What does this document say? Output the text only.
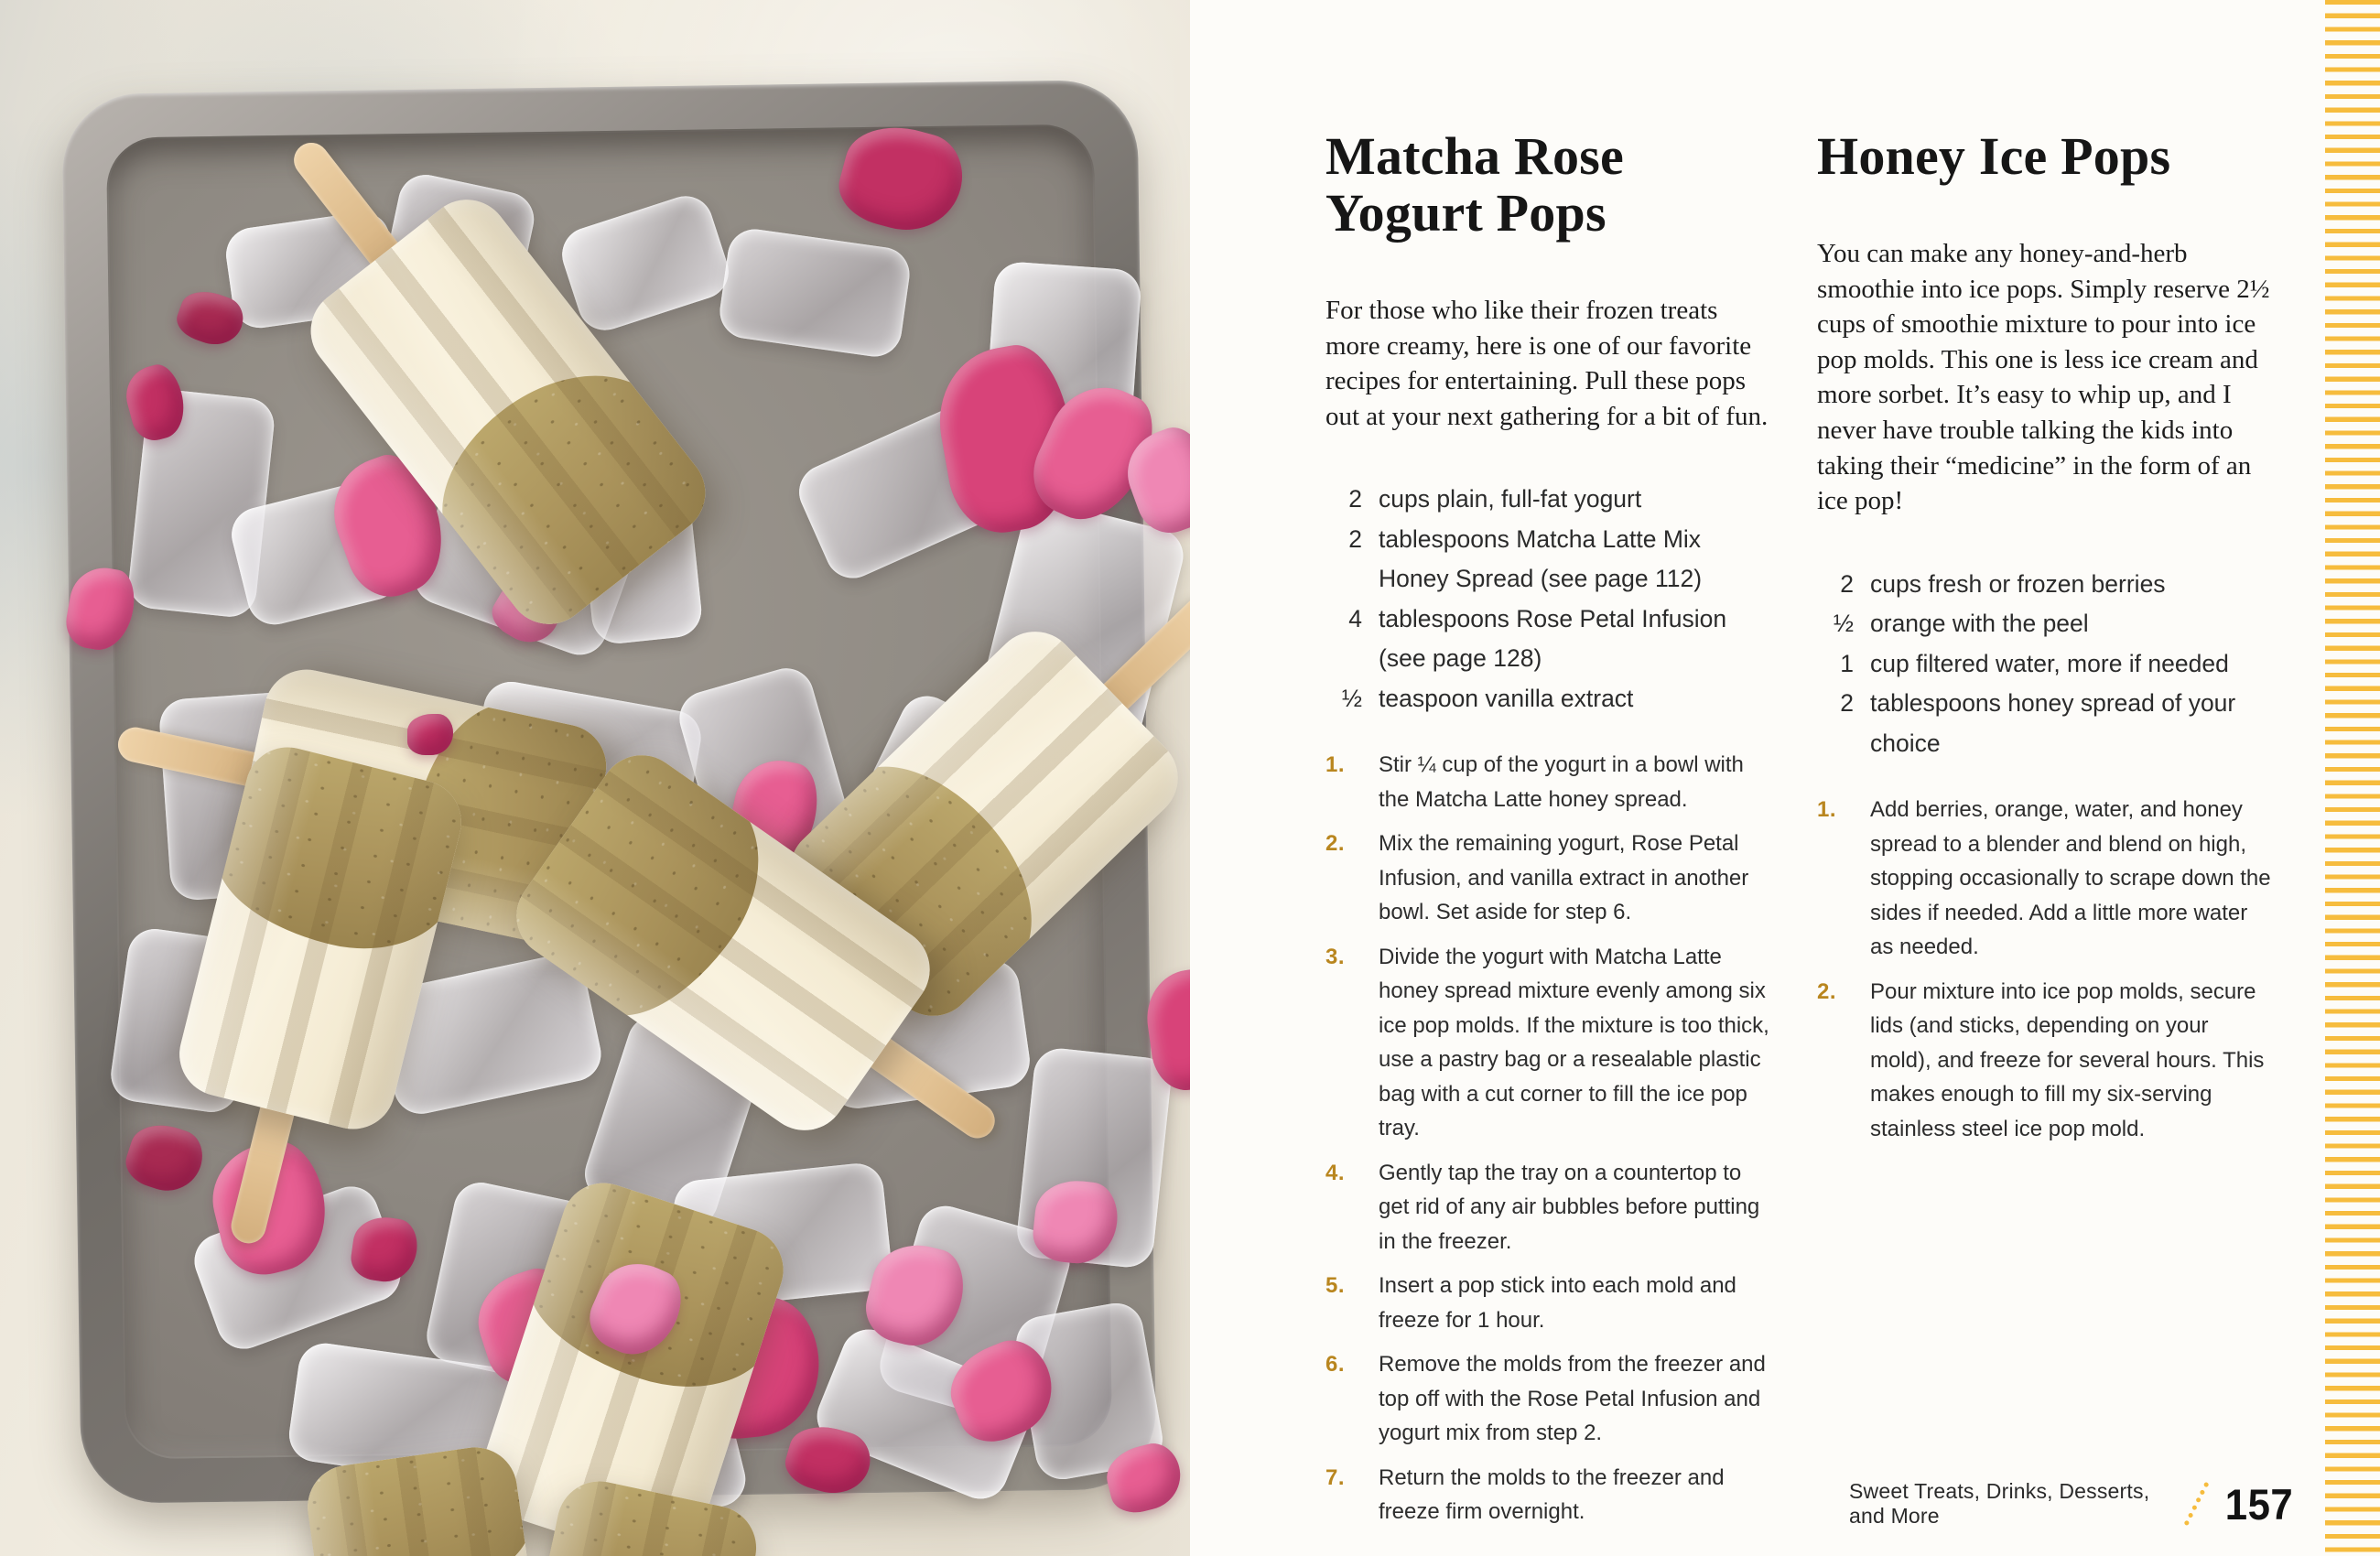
Matcha Rose Yogurt Pops

For those who like their frozen treats more creamy, here is one of our favorite recipes for entertaining. Pull these pops out at your next gathering for a bit of fun.

2 cups plain, full-fat yogurt
2 tablespoons Matcha Latte Mix Honey Spread (see page 112)
4 tablespoons Rose Petal Infusion (see page 128)
½ teaspoon vanilla extract
1.	Stir ¼ cup of the yogurt in a bowl with the Matcha Latte honey spread.
2.	Mix the remaining yogurt, Rose Petal Infusion, and vanilla extract in another bowl. Set aside for step 6.
3.	Divide the yogurt with Matcha Latte honey spread mixture evenly among six ice pop molds. If the mixture is too thick, use a pastry bag or a resealable plastic bag with a cut corner to fill the ice pop tray.
4.	Gently tap the tray on a countertop to get rid of any air bubbles before putting in the freezer.
5.	Insert a pop stick into each mold and freeze for 1 hour.
6.	Remove the molds from the freezer and top off with the Rose Petal Infusion and yogurt mix from step 2.
7.	Return the molds to the freezer and freeze firm overnight.
Honey Ice Pops

You can make any honey-and-herb smoothie into ice pops. Simply reserve 2½ cups of smoothie mixture to pour into ice pop molds. This one is less ice cream and more sorbet. It’s easy to whip up, and I never have trouble talking the kids into taking their “medicine” in the form of an ice pop!

2 cups fresh or frozen berries
½ orange with the peel
1 cup filtered water, more if needed
2 tablespoons honey spread of your choice
1.	Add berries, orange, water, and honey spread to a blender and blend on high, stopping occasionally to scrape down the sides if needed. Add a little more water as needed.
2.	Pour mixture into ice pop molds, secure lids (and sticks, depending on your mold), and freeze for several hours. This makes enough to fill my six-serving stainless steel ice pop mold.
Sweet Treats, Drinks, Desserts, and More	157
